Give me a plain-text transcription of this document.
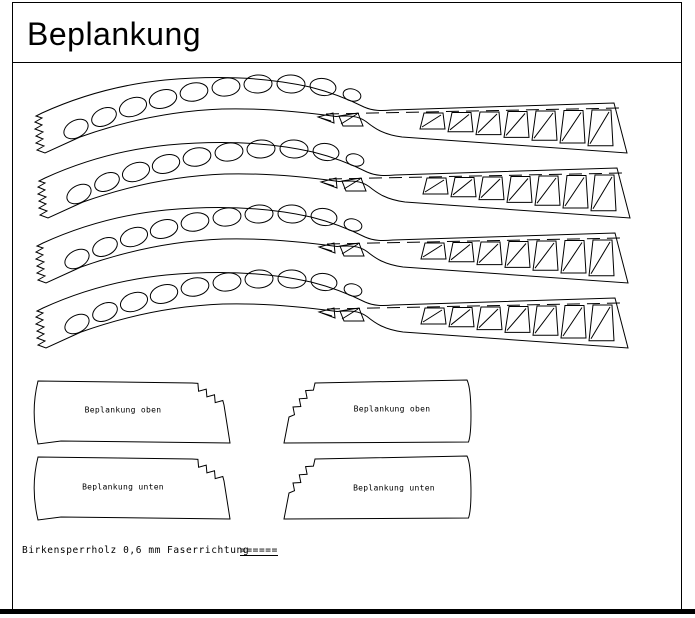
Beplankung
Beplankung oben	Beplankung oben
Beplankung unten	Beplankung unten
Birkensperrholz 0,6 mm Faserrichtung
======
